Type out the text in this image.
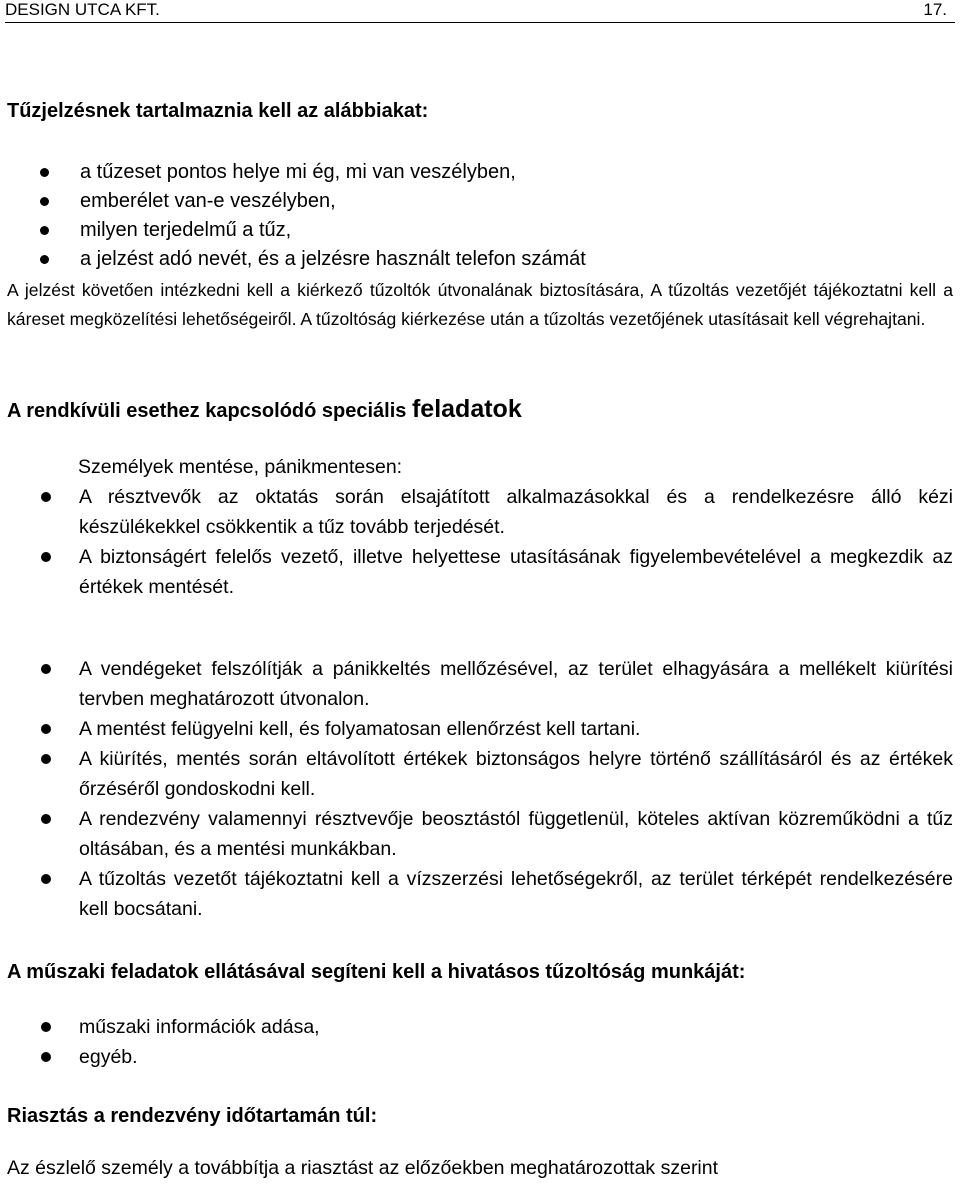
DESIGN UTCA KFT.	17.
Tűzjelzésnek tartalmaznia kell az alábbiakat:
a tűzeset pontos helye mi ég, mi van veszélyben,
emberélet van-e veszélyben,
milyen terjedelmű a tűz,
a jelzést adó nevét, és a jelzésre használt telefon számát
A jelzést követően intézkedni kell a kiérkező tűzoltók útvonalának biztosítására, A tűzoltás vezetőjét tájékoztatni kell a káreset megközelítési lehetőségeiről. A tűzoltóság kiérkezése után a tűzoltás vezetőjének utasításait kell végrehajtani.
A rendkívüli esethez kapcsolódó speciális feladatok
Személyek mentése, pánikmentesen:
A résztvevők az oktatás során elsajátított alkalmazásokkal és a rendelkezésre álló kézi készülékekkel csökkentik a tűz tovább terjedését.
A biztonságért felelős vezető, illetve helyettese utasításának figyelembevételével a megkezdik az értékek mentését.
A vendégeket felszólítják a pánikkeltés mellőzésével, az terület elhagyására a mellékelt kiürítési tervben meghatározott útvonalon.
A mentést felügyelni kell, és folyamatosan ellenőrzést kell tartani.
A kiürítés, mentés során eltávolított értékek biztonságos helyre történő szállításáról és az értékek őrzéséről gondoskodni kell.
A rendezvény valamennyi résztvevője beosztástól függetlenül, köteles aktívan közreműködni a tűz oltásában, és a mentési munkákban.
A tűzoltás vezetőt tájékoztatni kell a vízszerzési lehetőségekről, az terület térképét rendelkezésére kell bocsátani.
A műszaki feladatok ellátásával segíteni kell a hivatásos tűzoltóság munkáját:
műszaki információk adása,
egyéb.
Riasztás a rendezvény időtartamán túl:
Az észlelő személy a továbbítja a riasztást az előzőekben meghatározottak szerint
